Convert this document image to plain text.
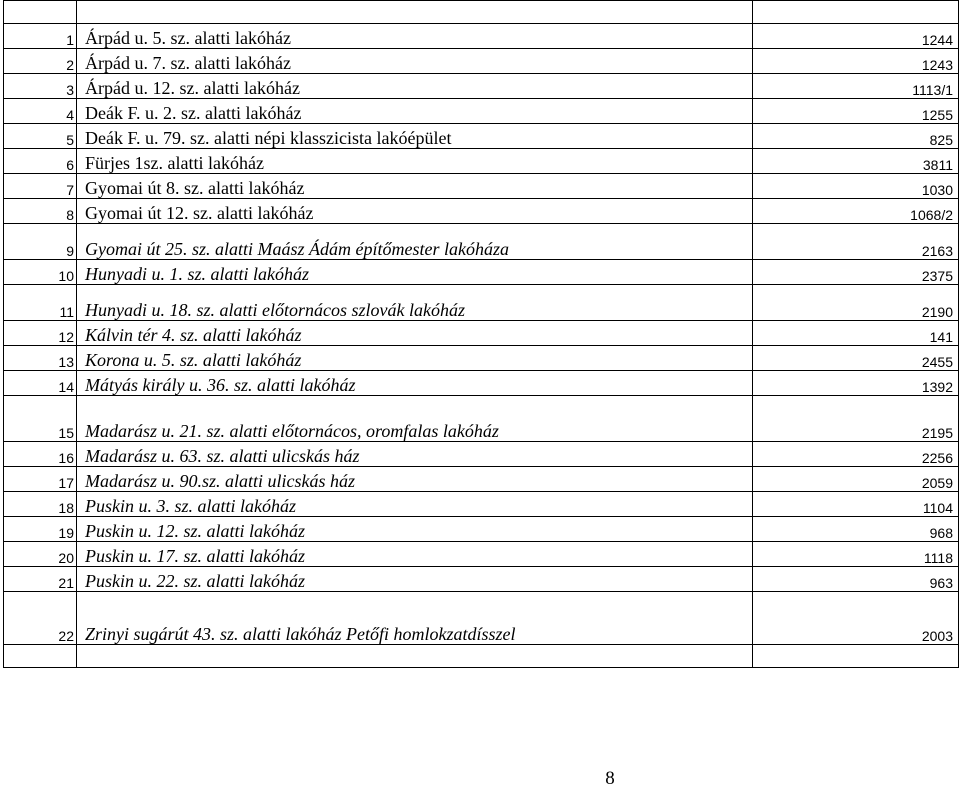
1	Árpád u. 5. sz. alatti lakóház	1244
2	Árpád u. 7. sz. alatti lakóház	1243
3	Árpád u. 12. sz. alatti lakóház	1113/1
4	Deák F. u. 2. sz. alatti lakóház	1255
5	Deák F. u. 79. sz. alatti népi klasszicista lakóépület	825
6	Fürjes 1sz. alatti lakóház	3811
7	Gyomai út 8. sz. alatti lakóház	1030
8	Gyomai út 12. sz. alatti lakóház	1068/2
9	Gyomai út 25. sz. alatti Maász Ádám építőmester lakóháza	2163
10	Hunyadi u. 1. sz. alatti lakóház	2375
11	Hunyadi u. 18. sz. alatti előtornácos szlovák lakóház	2190
12	Kálvin tér 4. sz. alatti lakóház	141
13	Korona u. 5. sz. alatti lakóház	2455
14	Mátyás király u. 36. sz. alatti lakóház	1392
15	Madarász u. 21. sz. alatti előtornácos, oromfalas lakóház	2195
16	Madarász u. 63. sz. alatti ulicskás ház	2256
17	Madarász u. 90.sz. alatti ulicskás ház	2059
18	Puskin u. 3. sz. alatti lakóház	1104
19	Puskin u. 12. sz. alatti lakóház	968
20	Puskin u. 17. sz. alatti lakóház	1118
21	Puskin u. 22. sz. alatti lakóház	963
22	Zrinyi sugárút 43. sz. alatti lakóház Petőfi homlokzatdísszel	2003

8
